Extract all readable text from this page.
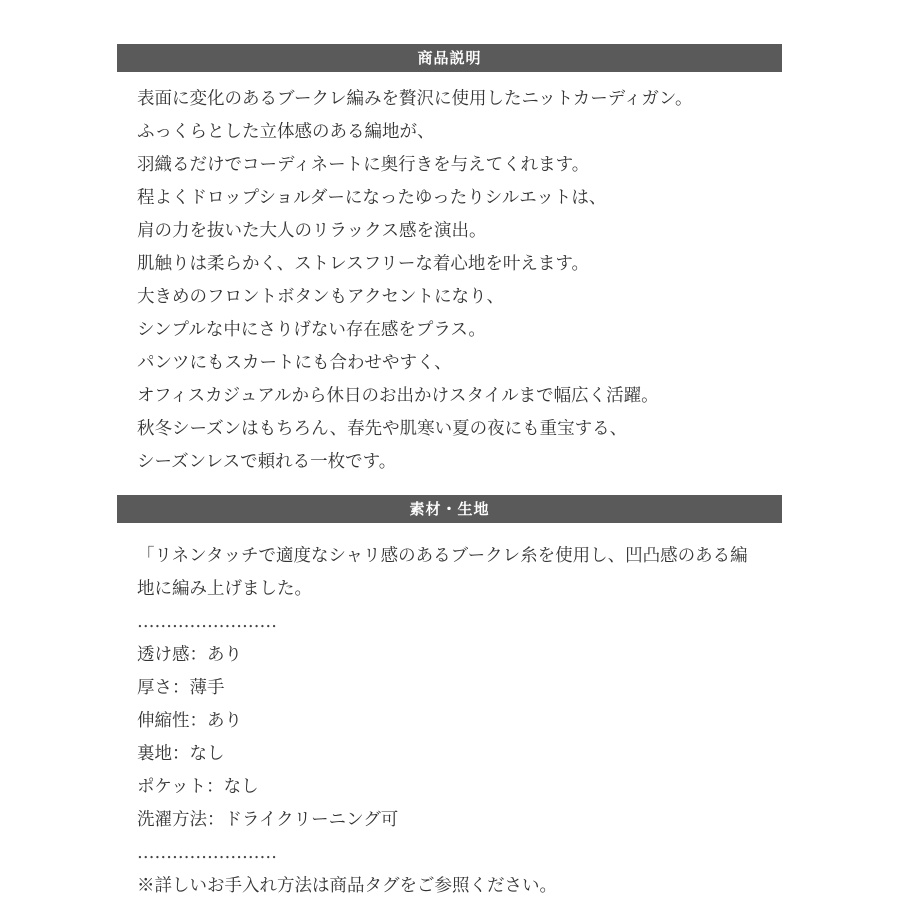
商品説明
表面に変化のあるブークレ編みを贅沢に使用したニットカーディガン。
ふっくらとした立体感のある編地が、
羽織るだけでコーディネートに奥行きを与えてくれます。
程よくドロップショルダーになったゆったりシルエットは、
肩の力を抜いた大人のリラックス感を演出。
肌触りは柔らかく、ストレスフリーな着心地を叶えます。
大きめのフロントボタンもアクセントになり、
シンプルな中にさりげない存在感をプラス。
パンツにもスカートにも合わせやすく、
オフィスカジュアルから休日のお出かけスタイルまで幅広く活躍。
秋冬シーズンはもちろん、春先や肌寒い夏の夜にも重宝する、
シーズンレスで頼れる一枚です。
素材・生地
「リネンタッチで適度なシャリ感のあるブークレ糸を使用し、凹凸感のある編地に編み上げました。
……………………
透け感：あり
厚さ：薄手
伸縮性：あり
裏地：なし
ポケット：なし
洗濯方法：ドライクリーニング可
……………………
※詳しいお手入れ方法は商品タグをご参照ください。
